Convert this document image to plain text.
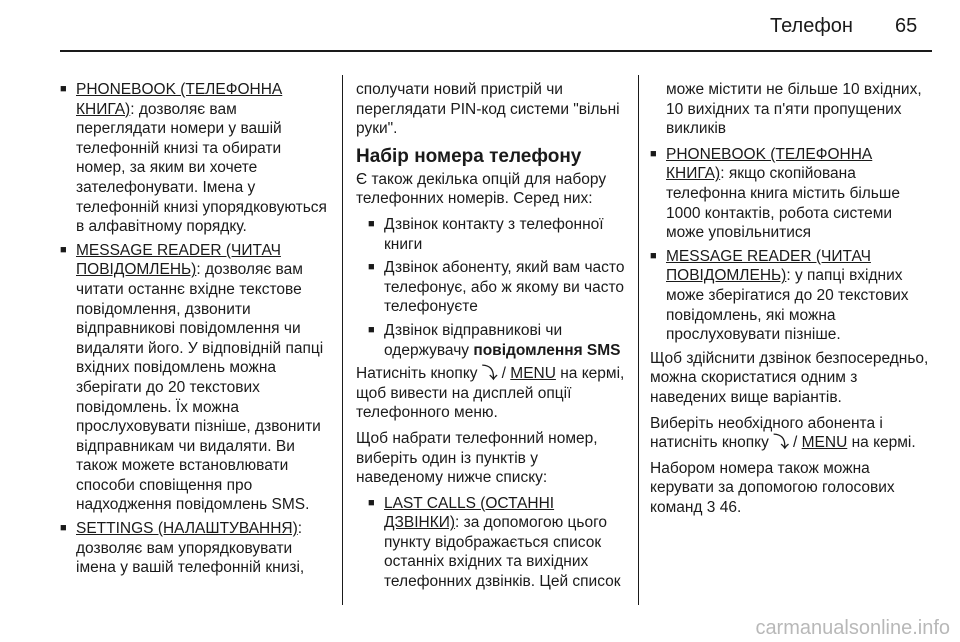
Телефон 65
■ PHONEBOOK (ТЕЛЕФОННА КНИГА): дозволяє вам переглядати номери у вашій телефонній книзі та обирати номер, за яким ви хочете зателефонувати. Імена у телефонній книзі упорядковуються в алфавітному порядку.
■ MESSAGE READER (ЧИТАЧ ПОВІДОМЛЕНЬ): дозволяє вам читати останнє вхідне текстове повідомлення, дзвонити відправникові повідомлення чи видаляти його. У відповідній папці вхідних повідомлень можна зберігати до 20 текстових повідомлень. Їх можна прослуховувати пізніше, дзвонити відправникам чи видаляти. Ви також можете встановлювати способи сповіщення про надходження повідомлень SMS.
■ SETTINGS (НАЛАШТУВАННЯ): дозволяє вам упорядковувати імена у вашій телефонній книзі,

сполучати новий пристрій чи переглядати PIN-код системи "вільні руки".

Набір номера телефону

Є також декілька опцій для набору телефонних номерів. Серед них:

■ Дзвінок контакту з телефонної книги
■ Дзвінок абоненту, який вам часто телефонує, або ж якому ви часто телефонуєте
■ Дзвінок відправникові чи одержувачу повідомлення SMS

Натисніть кнопку ⤵ / MENU на кермі, щоб вивести на дисплей опції телефонного меню.

Щоб набрати телефонний номер, виберіть один із пунктів у наведеному нижче списку:

■ LAST CALLS (ОСТАННІ ДЗВІНКИ): за допомогою цього пункту відображається список останніх вхідних та вихідних телефонних дзвінків. Цей список

може містити не більше 10 вхідних, 10 вихідних та п'яти пропущених викликів

■ PHONEBOOK (ТЕЛЕФОННА КНИГА): якщо скопійована телефонна книга містить більше 1000 контактів, робота системи може уповільнитися
■ MESSAGE READER (ЧИТАЧ ПОВІДОМЛЕНЬ): у папці вхідних може зберігатися до 20 текстових повідомлень, які можна прослуховувати пізніше.

Щоб здійснити дзвінок безпосередньо, можна скористатися одним з наведених вище варіантів.

Виберіть необхідного абонента і натисніть кнопку ⤵ / MENU на кермі.

Набором номера також можна керувати за допомогою голосових команд 3 46.

carmanualsonline.info
